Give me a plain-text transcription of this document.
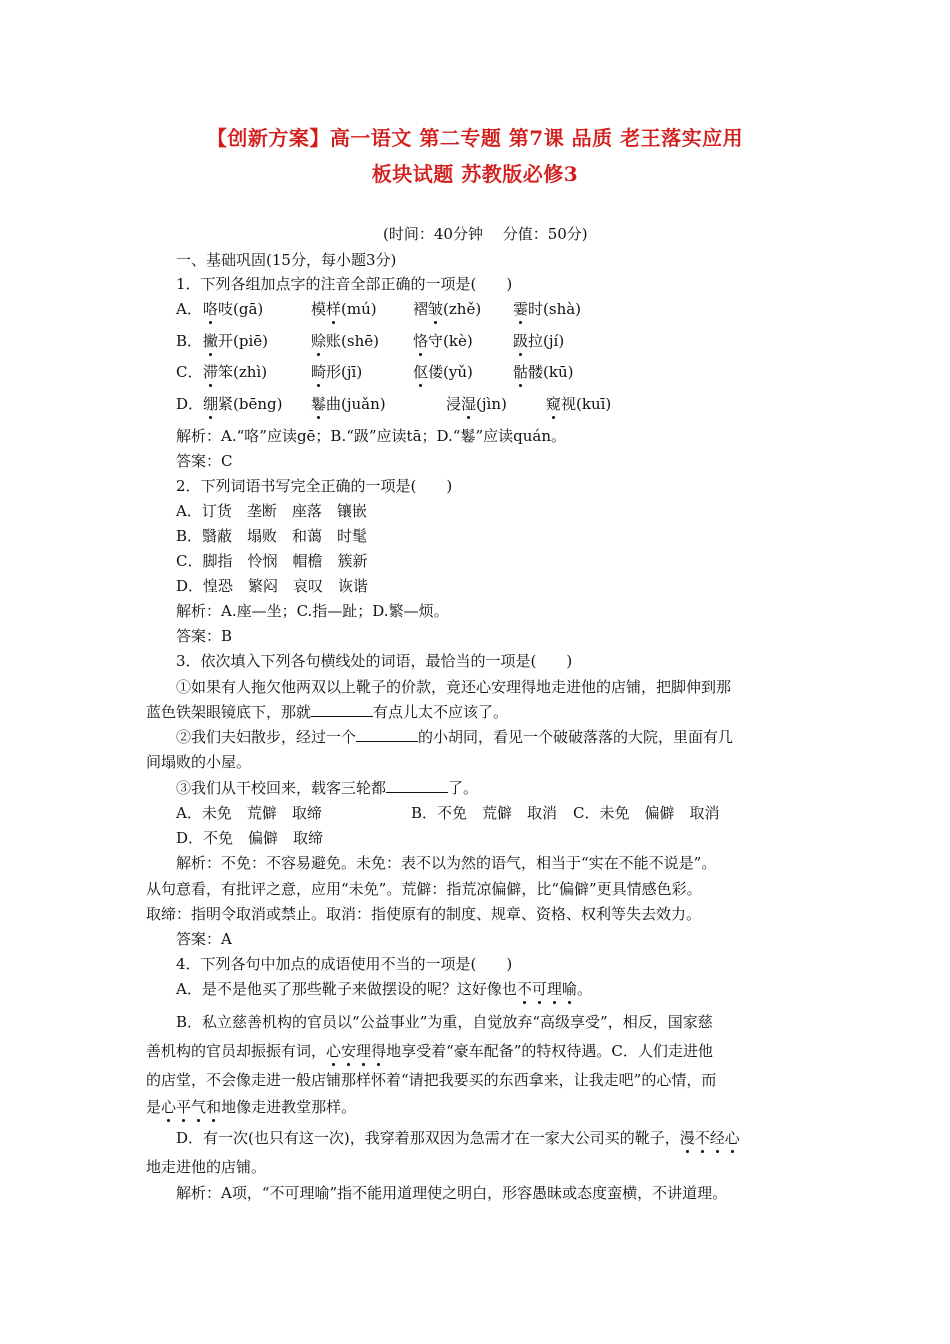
【创新方案】高一语文 第二专题 第7课 品质 老王落实应用
板块试题 苏教版必修3
(时间：40分钟　 分值：50分)
一、基础巩固(15分，每小题3分)
1．下列各组加点字的注音全部正确的一项是(　　)
A． 咯吱(gā)	模样(mú) 褶皱(zhě) 霎时(shà)
B． 撇开(piē)	赊账(shē) 恪守(kè)	趿拉(jí)
C． 滞笨(zhì)	畸形(jī)	伛偻(yǔ)	骷髅(kū)
D． 绷紧(bēng) 鬈曲(juǎn)	浸湿(jìn)	窥视(kuī)
解析：A.“咯”应读gē；B.“趿”应读tā；D.“鬈”应读quán。
答案：C
2．下列词语书写完全正确的一项是(　　)
A．订货　垄断　座落　镶嵌
B．翳蔽　塌败　和蔼　时髦
C．脚指　怜悯　帽檐　簇新
D．惶恐　繁闷　哀叹　诙谐
解析：A.座—坐；C.指—趾；D.繁—烦。
答案：B
3．依次填入下列各句横线处的词语，最恰当的一项是(　　)
①如果有人拖欠他两双以上靴子的价款，竟还心安理得地走进他的店铺，把脚伸到那
蓝色铁架眼镜底下，那就	有点儿太不应该了。
②我们夫妇散步，经过一个	的小胡同，看见一个破破落落的大院，里面有几
间塌败的小屋。
③我们从干校回来，载客三轮都	了。
A．未免　荒僻　取缔	B．不免　荒僻　取消 C．未免　偏僻　取消
D．不免　偏僻　取缔
解析：不免：不容易避免。未免：表不以为然的语气，相当于“实在不能不说是”。
从句意看，有批评之意，应用“未免”。荒僻：指荒凉偏僻，比“偏僻”更具情感色彩。
取缔：指明令取消或禁止。取消：指使原有的制度、规章、资格、权利等失去效力。
答案：A
4．下列各句中加点的成语使用不当的一项是(　　)
A．是不是他买了那些靴子来做摆设的呢？这好像也不可理喻。
B．私立慈善机构的官员以“公益事业”为重，自觉放弃“高级享受”，相反，国家慈
善机构的官员却振振有词，心安理得地享受着“豪车配备”的特权待遇。C．人们走进他
的店堂，不会像走进一般店铺那样怀着“请把我要买的东西拿来，让我走吧”的心情，而
是心平气和地像走进教堂那样。
D．有一次(也只有这一次)，我穿着那双因为急需才在一家大公司买的靴子，漫不经心
地走进他的店铺。
解析：A项，“不可理喻”指不能用道理使之明白，形容愚昧或态度蛮横，不讲道理。
